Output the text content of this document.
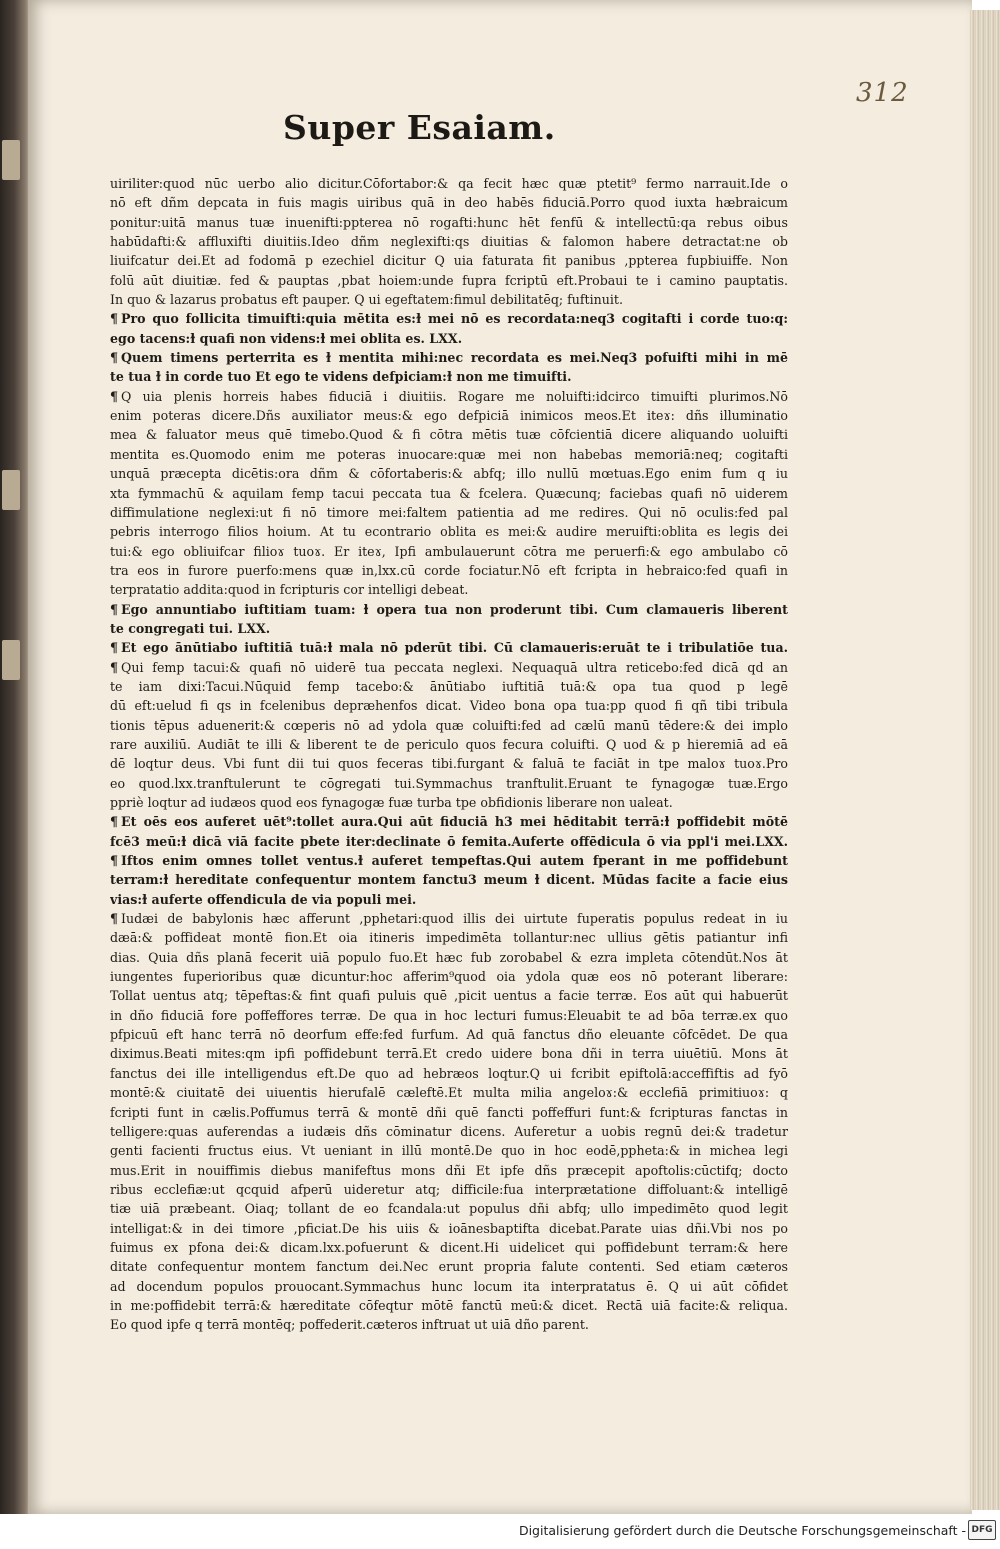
312
Super Esaiam.
uiriliter:quod nūc uerbo alio dicitur.Cōfortabor:& qa fecit hæc quæ ptetit⁹ fermo narrauit.Ide o
nō eft dñm depcata in fuis magis uiribus quā in deo habēs fiduciā.Porro quod iuxta hæbraicum
ponitur:uitā manus tuæ inuenifti:ppterea nō rogafti:hunc hēt fenfū & intellectū:qa rebus oibus
habūdafti:& affluxifti diuitiis.Ideo dñm neglexifti:qs diuitias & falomon habere detractat:ne ob
liuifcatur dei.Et ad fodomā p ezechiel dicitur Q uia faturata fit panibus ,ppterea fupbiuiffe. Non
folū aūt diuitiæ. fed & pauptas ,pbat hoiem:unde fupra fcriptū eft.Probaui te i camino pauptatis.
In quo & lazarus probatus eft pauper. Q ui egeftatem:fimul debilitatēq; fuftinuit.
¶ Pro quo follicita timuifti:quia mētita es:ɫ mei nō es recordata:neq3 cogitafti i corde tuo:q:
ego tacens:ɫ quafi non videns:ɫ mei oblita es. LXX.
¶ Quem timens perterrita es ɫ mentita mihi:nec recordata es mei.Neq3 pofuifti mihi in mē
te tua ɫ in corde tuo Et ego te videns defpiciam:ɫ non me timuifti.
¶ Q uia plenis horreis habes fiduciā i diuitiis. Rogare me noluifti:idcirco timuifti plurimos.Nō
enim poteras dicere.Dñs auxiliator meus:& ego defpiciā inimicos meos.Et iteɤ: dñs illuminatio
mea & faluator meus quē timebo.Quod & fi cōtra mētis tuæ cōfcientiā dicere aliquando uoluifti
mentita es.Quomodo enim me poteras inuocare:quæ mei non habebas memoriā:neq; cogitafti
unquā præcepta dicētis:ora dñm & cōfortaberis:& abfq; illo nullū mœtuas.Ego enim fum q iu
xta fymmachū & aquilam femp tacui peccata tua & fcelera. Quæcunq; faciebas quafi nō uiderem
diffimulatione neglexi:ut fi nō timore mei:faltem patientia ad me redires. Qui nō oculis:fed pal
pebris interrogo filios hoium. At tu econtrario oblita es mei:& audire meruifti:oblita es legis dei
tui:& ego obliuifcar filioɤ tuoɤ. Er iteɤ, Ipfi ambulauerunt cōtra me peruerfi:& ego ambulabo cō
tra eos in furore puerfo:mens quæ in,lxx.cū corde fociatur.Nō eft fcripta in hebraico:fed quafi in
terpratatio addita:quod in fcripturis cor intelligi debeat.
¶ Ego annuntiabo iuftitiam tuam: ɫ opera tua non proderunt tibi. Cum clamaueris liberent
te congregati tui. LXX.
¶ Et ego ānūtiabo iuftitiā tuā:ɫ mala nō pderūt tibi. Cū clamaueris:eruāt te i tribulatiōe tua.
¶ Qui femp tacui:& quafi nō uiderē tua peccata neglexi. Nequaquā ultra reticebo:fed dicā qd an
te iam dixi:Tacui.Nūquid femp tacebo:& ānūtiabo iuftitiā tuā:& opa tua quod p legē
dū eft:uelud fi qs in fcelenibus depræhenfos dicat. Video bona opa tua:pp quod fi qñ tibi tribula
tionis tēpus aduenerit:& cœperis nō ad ydola quæ coluifti:fed ad cælū manū tēdere:& dei implo
rare auxiliū. Audiāt te illi & liberent te de periculo quos fecura coluifti. Q uod & p hieremiā ad eā
dē loqtur deus. Vbi funt dii tui quos feceras tibi.furgant & faluā te faciāt in tpe maloɤ tuoɤ.Pro
eo quod.lxx.tranftulerunt te cōgregati tui.Symmachus tranftulit.Eruant te fynagogæ tuæ.Ergo
ppriè loqtur ad iudæos quod eos fynagogæ fuæ turba tpe obfidionis liberare non ualeat.
¶ Et oēs eos auferet uēt⁹:tollet aura.Qui aūt fiduciā h3 mei hēditabit terrā:ɫ poffidebit mōtē
fcē3 meū:ɫ dicā viā facite pbete iter:declinate ō femita.Auferte offēdicula ō via ppl'i mei.LXX.
¶ Iftos enim omnes tollet ventus.ɫ auferet tempeftas.Qui autem fperant in me poffidebunt
terram:ɫ hereditate confequentur montem fanctu3 meum ɫ dicent. Mūdas facite a facie eius
vias:ɫ auferte offendicula de via populi mei.
¶ Iudæi de babylonis hæc afferunt ,pphetari:quod illis dei uirtute fuperatis populus redeat in iu
dæā:& poffideat montē fion.Et oia itineris impedimēta tollantur:nec ullius gētis patiantur infi
dias. Quia dñs planā fecerit uiā populo fuo.Et hæc fub zorobabel & ezra impleta cōtendūt.Nos āt
iungentes fuperioribus quæ dicuntur:hoc afferim⁹quod oia ydola quæ eos nō poterant liberare:
Tollat uentus atq; tēpeftas:& fint quafi puluis quē ,picit uentus a facie terræ. Eos aūt qui habuerūt
in dño fiduciā fore poffeffores terræ. De qua in hoc lecturi fumus:Eleuabit te ad bōa terræ.ex quo
pfpicuū eft hanc terrā nō deorfum effe:fed furfum. Ad quā fanctus dño eleuante cōfcēdet. De qua
diximus.Beati mites:qm ipfi poffidebunt terrā.Et credo uidere bona dñi in terra uiuētiū. Mons āt
fanctus dei ille intelligendus eft.De quo ad hebræos loqtur.Q ui fcribit epiftolā:acceffiftis ad fyō
montē:& ciuitatē dei uiuentis hierufalē cæleftē.Et multa milia angeloɤ:& ecclefiā primitiuoɤ: q
fcripti funt in cælis.Poffumus terrā & montē dñi quē fancti poffeffuri funt:& fcripturas fanctas in
telligere:quas auferendas a iudæis dñs cōminatur dicens. Auferetur a uobis regnū dei:& tradetur
genti facienti fructus eius. Vt ueniant in illū montē.De quo in hoc eodē,ppheta:& in michea legi
mus.Erit in nouiffimis diebus manifeftus mons dñi Et ipfe dñs præcepit apoftolis:cūctifq; docto
ribus ecclefiæ:ut qcquid afperū uideretur atq; difficile:fua interprætatione diffoluant:& intelligē
tiæ uiā præbeant. Oiaq; tollant de eo fcandala:ut populus dñi abfq; ullo impedimēto quod legit
intelligat:& in dei timore ,pficiat.De his uiis & ioānesbaptifta dicebat.Parate uias dñi.Vbi nos po
fuimus ex pfona dei:& dicam.lxx.pofuerunt & dicent.Hi uidelicet qui poffidebunt terram:& here
ditate confequentur montem fanctum dei.Nec erunt propria falute contenti. Sed etiam cæteros
ad docendum populos prouocant.Symmachus hunc locum ita interpratatus ē. Q ui aūt cōfidet
in me:poffidebit terrā:& hæreditate cōfeqtur mōtē fanctū meū:& dicet. Rectā uiā facite:& reliqua.
Eo quod ipfe q terrā montēq; poffederit.cæteros inftruat ut uiā dño parent.
Digitalisierung gefördert durch die Deutsche Forschungsgemeinschaft - DFG
